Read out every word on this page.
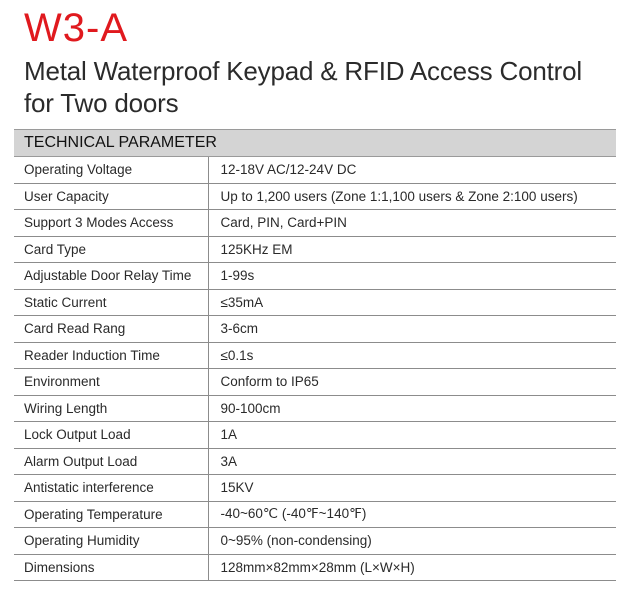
W3-A
Metal Waterproof Keypad & RFID Access Control
for Two doors
TECHNICAL PARAMETER	
Operating Voltage	12-18V AC/12-24V DC
User Capacity	Up to 1,200 users (Zone 1:1,100 users & Zone 2:100 users)
Support 3 Modes Access	Card, PIN, Card+PIN
Card Type	125KHz EM
Adjustable Door Relay Time	1-99s
Static Current	≤35mA
Card Read Rang	3-6cm
Reader Induction Time	≤0.1s
Environment	Conform to IP65
Wiring Length	90-100cm
Lock Output Load	1A
Alarm Output Load	3A
Antistatic interference	15KV
Operating Temperature	-40~60℃ (-40℉~140℉)
Operating Humidity	0~95% (non-condensing)
Dimensions	128mm×82mm×28mm (L×W×H)
